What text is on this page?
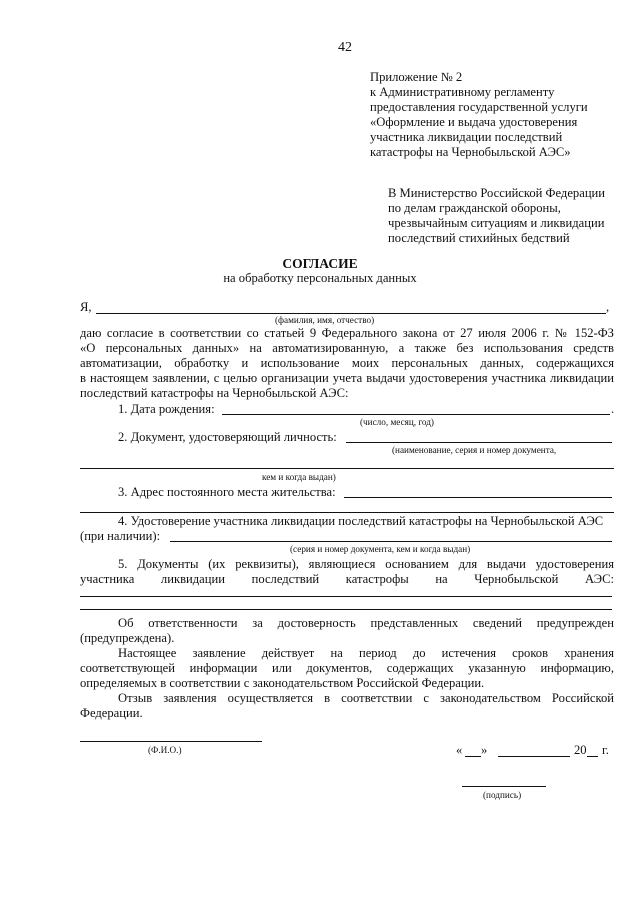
42
Приложение № 2
к Административному регламенту
предоставления государственной услуги
«Оформление и выдача удостоверения
участника ликвидации последствий
катастрофы на Чернобыльской АЭС»
В Министерство Российской Федерации
по делам гражданской обороны,
чрезвычайным ситуациям и ликвидации
последствий стихийных бедствий
СОГЛАСИЕ
на обработку персональных данных
Я,	,
(фамилия, имя, отчество)
даю согласие в соответствии со статьей 9 Федерального закона от 27 июля 2006 г. № 152-ФЗ
«О персональных данных» на автоматизированную, а также без использования средств
автоматизации, обработку и использование моих персональных данных, содержащихся
в настоящем заявлении, с целью организации учета выдачи удостоверения участника ликвидации
последствий катастрофы на Чернобыльской АЭС:
1. Дата рождения:	.
(число, месяц, год)
2. Документ, удостоверяющий личность:
(наименование, серия и номер документа,
кем и когда выдан)
3. Адрес постоянного места жительства:
4. Удостоверение участника ликвидации последствий катастрофы на Чернобыльской АЭС
(при наличии):
(серия и номер документа, кем и когда выдан)
5. Документы (их реквизиты), являющиеся основанием для выдачи удостоверения
участника ликвидации последствий катастрофы на Чернобыльской АЭС:
Об ответственности за достоверность представленных сведений предупрежден
(предупреждена).
Настоящее заявление действует на период до истечения сроков хранения
соответствующей информации или документов, содержащих указанную информацию,
определяемых в соответствии с законодательством Российской Федерации.
Отзыв заявления осуществляется в соответствии с законодательством Российской
Федерации.
(Ф.И.О.)	« »	20 г.
(подпись)
